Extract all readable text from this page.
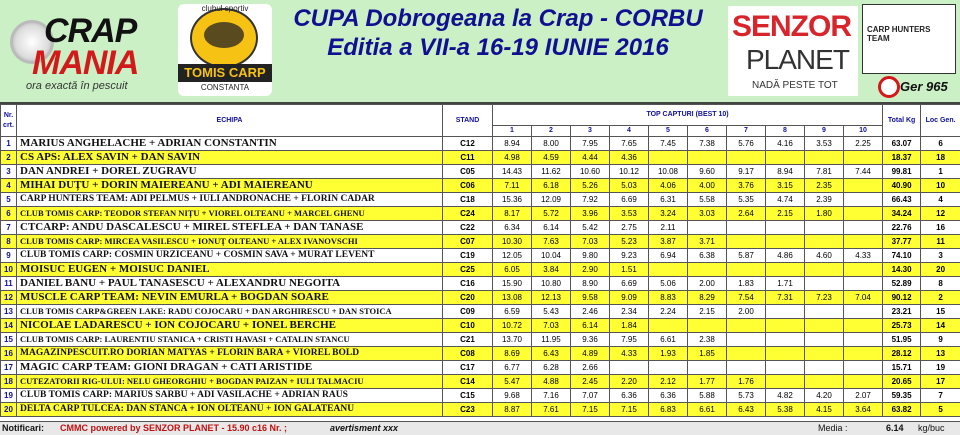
CRAP
MANIA
ora exactă în pescuit
clubul sportiv
TOMIS CARP
CONSTANTA
CUPA Dobrogeana la Crap - CORBU
Editia a VII-a 16-19 IUNIE 2016
SENZOR
PLANET
NADĂ PESTE TOT
CARP HUNTERS TEAM
Ger 965
Nr. crt.	ECHIPA	STAND	TOP CAPTURI (BEST 10)										Total Kg	Loc Gen.
			1	2	3	4	5	6	7	8	9	10		
1	MARIUS ANGHELACHE + ADRIAN CONSTANTIN	C12	8.94	8.00	7.95	7.65	7.45	7.38	5.76	4.16	3.53	2.25	63.07	6
2	CS APS: ALEX SAVIN + DAN SAVIN	C11	4.98	4.59	4.44	4.36							18.37	18
3	DAN ANDREI + DOREL ZUGRAVU	C05	14.43	11.62	10.60	10.12	10.08	9.60	9.17	8.94	7.81	7.44	99.81	1
4	MIHAI DUȚU + DORIN MAIEREANU + ADI MAIEREANU	C06	7.11	6.18	5.26	5.03	4.06	4.00	3.76	3.15	2.35		40.90	10
5	CARP HUNTERS TEAM: ADI PELMUS + IULI ANDRONACHE + FLORIN CADAR	C18	15.36	12.09	7.92	6.69	6.31	5.58	5.35	4.74	2.39		66.43	4
6	CLUB TOMIS CARP: TEODOR STEFAN NIȚU + VIOREL OLTEANU + MARCEL GHENU	C24	8.17	5.72	3.96	3.53	3.24	3.03	2.64	2.15	1.80		34.24	12
7	CTCARP: ANDU DASCALESCU + MIREL STEFLEA + DAN TANASE	C22	6.34	6.14	5.42	2.75	2.11						22.76	16
8	CLUB TOMIS CARP: MIRCEA VASILESCU + IONUȚ OLTEANU + ALEX IVANOVSCHI	C07	10.30	7.63	7.03	5.23	3.87	3.71					37.77	11
9	CLUB TOMIS CARP: COSMIN URZICEANU + COSMIN SAVA + MURAT LEVENT	C19	12.05	10.04	9.80	9.23	6.94	6.38	5.87	4.86	4.60	4.33	74.10	3
10	MOISUC EUGEN + MOISUC DANIEL	C25	6.05	3.84	2.90	1.51							14.30	20
11	DANIEL BANU + PAUL TANASESCU + ALEXANDRU NEGOITA	C16	15.90	10.80	8.90	6.69	5.06	2.00	1.83	1.71			52.89	8
12	MUSCLE CARP TEAM: NEVIN EMURLA + BOGDAN SOARE	C20	13.08	12.13	9.58	9.09	8.83	8.29	7.54	7.31	7.23	7.04	90.12	2
13	CLUB TOMIS CARP&GREEN LAKE: RADU COJOCARU + DAN ARGHIRESCU + DAN STOICA	C09	6.59	5.43	2.46	2.34	2.24	2.15	2.00				23.21	15
14	NICOLAE LADARESCU + ION COJOCARU + IONEL BERCHE	C10	10.72	7.03	6.14	1.84							25.73	14
15	CLUB TOMIS CARP: LAURENTIU STANICA + CRISTI HAVASI + CATALIN STANCU	C21	13.70	11.95	9.36	7.95	6.61	2.38					51.95	9
16	MAGAZINPESCUIT.RO DORIAN MATYAS + FLORIN BARA + VIOREL BOLD	C08	8.69	6.43	4.89	4.33	1.93	1.85					28.12	13
17	MAGIC CARP TEAM: GIONI DRAGAN + CATI ARISTIDE	C17	6.77	6.28	2.66								15.71	19
18	CUTEZATORII RIG-ULUI: NELU GHEORGHIU + BOGDAN PAIZAN + IULI TALMACIU	C14	5.47	4.88	2.45	2.20	2.12	1.77	1.76				20.65	17
19	CLUB TOMIS CARP: MARIUS SARBU + ADI VASILACHE + ADRIAN RAUS	C15	9.68	7.16	7.07	6.36	6.36	5.88	5.73	4.82	4.20	2.07	59.35	7
20	DELTA CARP TULCEA: DAN STANCA + ION OLTEANU + ION GALATEANU	C23	8.87	7.61	7.15	7.15	6.83	6.61	6.43	5.38	4.15	3.64	63.82	5
Notificari: CMMC powered by SENZOR PLANET - 15.90 c16 Nr. ;	avertisment xxx	Media :	6.14 kg/buc
